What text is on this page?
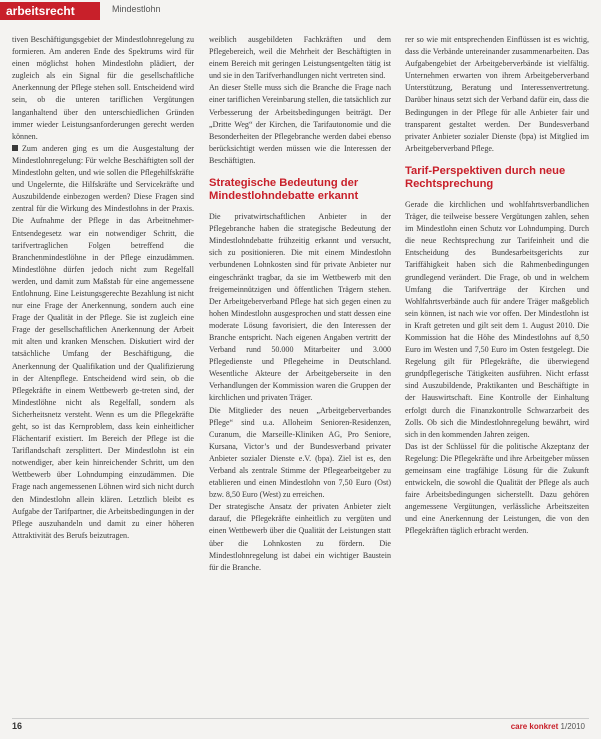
arbeitsrecht	Mindestlohn

tiven Beschäftigungsgebiet der Mindestlohnregelung zu formieren. Am anderen Ende des Spektrums wird für einen möglichst hohen Mindestlohn plädiert, der zugleich als ein Signal für die gesellschaftliche Anerkennung der Pflege stehen soll. Entscheidend wird sein, ob die unteren tariflichen Vergütungen langanhaltend über den unterschiedlichen Gründen immer wieder Leistungsanforderungen gerecht werden können.

Zum anderen ging es um die Ausgestaltung der Mindestlohnregelung: Für welche Beschäftigten soll der Mindestlohn gelten, und wie sollen die Pflegehilfskräfte und Ungelernte, die Hilfskräfte und Servicekräfte und Auszubildende einbezogen werden? Diese Fragen sind zentral für die Wirkung des Mindestlohns in der Praxis. Die Aufnahme der Pflege in das Arbeitnehmer-Entsendegesetz war ein notwendiger Schritt, die tarifvertraglichen Folgen betreffend die Branchenmindestlöhne in der Pflege einzudämmen. Mindestlöhne dürfen jedoch nicht zum Regelfall werden, und damit zum Maßstab für eine angemessene Entlohnung. Eine Leistungsgerechte Bezahlung ist nicht nur eine Frage der Anerkennung, sondern auch eine Frage der Qualität in der Pflege. Sie ist zugleich eine Frage der gesellschaftlichen Anerkennung der Arbeit mit alten und kranken Menschen. Diskutiert wird der tatsächliche Umfang der Beschäftigung, die Anerkennung der Qualifikation und der Qualifizierung in der Altenpflege. Entscheidend wird sein, ob die Pflegekräfte in einem Wettbewerb ge-treten sind, der Mindestlöhne nicht als Regelfall, sondern als Sicherheitsnetz versteht. Wenn es um die Pflegekräfte geht, so ist das Kernproblem, dass kein einheitlicher Flächentarif existiert. Im Bereich der Pflege ist die Tariflandschaft zersplittert. Der Mindestlohn ist ein notwendiger, aber kein hinreichender Schritt, um den Wettbewerb über Lohndumping einzudämmen. Die Frage nach angemessenen Löhnen wird sich nicht durch den Mindestlohn allein klären. Letztlich bleibt es Aufgabe der Tarifpartner, die Arbeitsbedingungen in der Pflege auszuhandeln und damit zu einer höheren Attraktivität des Berufs beizutragen.

weiblich ausgebildeten Fachkräften und dem Pflegebereich, weil die Mehrheit der Beschäftigten in einem Bereich mit geringen Leistungsentgelten tätig ist und sie in den Tarifverhandlungen nicht vertreten sind.

An dieser Stelle muss sich die Branche die Frage nach einer tariflichen Vereinbarung stellen, die tatsächlich zur Verbesserung der Arbeitsbedingungen beiträgt. Der „Dritte Weg“ der Kirchen, die Tarifautonomie und die Besonderheiten der Pflegebranche werden dabei ebenso berücksichtigt werden müssen wie die Interessen der Beschäftigten.

Strategische Bedeutung der Mindestlohndebatte erkannt

Die privatwirtschaftlichen Anbieter in der Pflegebranche haben die strategische Bedeutung der Mindestlohndebatte frühzeitig erkannt und versucht, sich zu positionieren. Die mit einem Mindestlohn verbundenen Lohnkosten sind für private Anbieter nur eingeschränkt tragbar, da sie im Wettbewerb mit den freigemeinnützigen und öffentlichen Trägern stehen. Der Arbeitgeberverband Pflege hat sich gegen einen zu hohen Mindestlohn ausgesprochen und statt dessen eine moderate Lösung favorisiert, die den Interessen der Branche entspricht. Nach eigenen Angaben vertritt der Verband rund 50.000 Mitarbeiter und 3.000 Pflegedienste und Pflegeheime in Deutschland. Wesentliche Akteure der Arbeitgeberseite in den Verhandlungen der Kommission waren die Gruppen der kirchlichen und privaten Träger.

Die Mitglieder des neuen „Arbeitgeberverbandes Pflege“ sind u.a. Alloheim Senioren-Residenzen, Curanum, die Marseille-Kliniken AG, Pro Seniore, Kursana, Victor’s und der Bundesverband privater Anbieter sozialer Dienste e.V. (bpa). Ziel ist es, den Verband als zentrale Stimme der Pflegearbeitgeber zu etablieren und einen Mindestlohn von 7,50 Euro (Ost) bzw. 8,50 Euro (West) zu erreichen.

Der strategische Ansatz der privaten Anbieter zielt darauf, die Pflegekräfte einheitlich zu vergüten und einen Wettbewerb über die Qualität der Leistungen statt über die Lohnkosten zu fördern. Die Mindestlohnregelung ist dabei ein wichtiger Baustein für die Branche.

rer so wie mit entsprechenden Einflüssen ist es wichtig, dass die Verbände untereinander zusammenarbeiten. Das Aufgabengebiet der Arbeitgeberverbände ist vielfältig. Unternehmen erwarten von ihrem Arbeitgeberverband Unterstützung, Beratung und Interessenvertretung. Darüber hinaus setzt sich der Verband dafür ein, dass die Bedingungen in der Pflege für alle Anbieter fair und transparent gestaltet werden. Der Bundesverband privater Anbieter sozialer Dienste (bpa) ist Mitglied im Arbeitgeberverband Pflege.

Tarif-Perspektiven durch neue Rechtsprechung

Gerade die kirchlichen und wohlfahrtsverbandlichen Träger, die teilweise bessere Vergütungen zahlen, sehen im Mindestlohn einen Schutz vor Lohndumping. Durch die neue Rechtsprechung zur Tarifeinheit und die Entscheidung des Bundesarbeitsgerichts zur Tariffähigkeit haben sich die Rahmenbedingungen grundlegend verändert. Die Frage, ob und in welchem Umfang die Tarifverträge der Kirchen und Wohlfahrtsverbände auch für andere Träger maßgeblich sein können, ist nach wie vor offen. Der Mindestlohn ist in Kraft getreten und gilt seit dem 1. August 2010. Die Kommission hat die Höhe des Mindestlohns auf 8,50 Euro im Westen und 7,50 Euro im Osten festgelegt. Die Regelung gilt für Pflegekräfte, die überwiegend grundpflegerische Tätigkeiten ausführen. Nicht erfasst sind Auszubildende, Praktikanten und Beschäftigte in der Hauswirtschaft. Eine Kontrolle der Einhaltung erfolgt durch die Finanzkontrolle Schwarzarbeit des Zolls. Ob sich die Mindestlohnregelung bewährt, wird sich in den kommenden Jahren zeigen.

Das ist der Schlüssel für die politische Akzeptanz der Regelung: Die Pflegekräfte und ihre Arbeitgeber müssen gemeinsam eine tragfähige Lösung für die Zukunft entwickeln, die sowohl die Qualität der Pflege als auch faire Arbeitsbedingungen sicherstellt. Dazu gehören angemessene Vergütungen, verlässliche Arbeitszeiten und eine Anerkennung der Leistungen, die von den Pflegekräften täglich erbracht werden.

16	care konkret 1/2010
